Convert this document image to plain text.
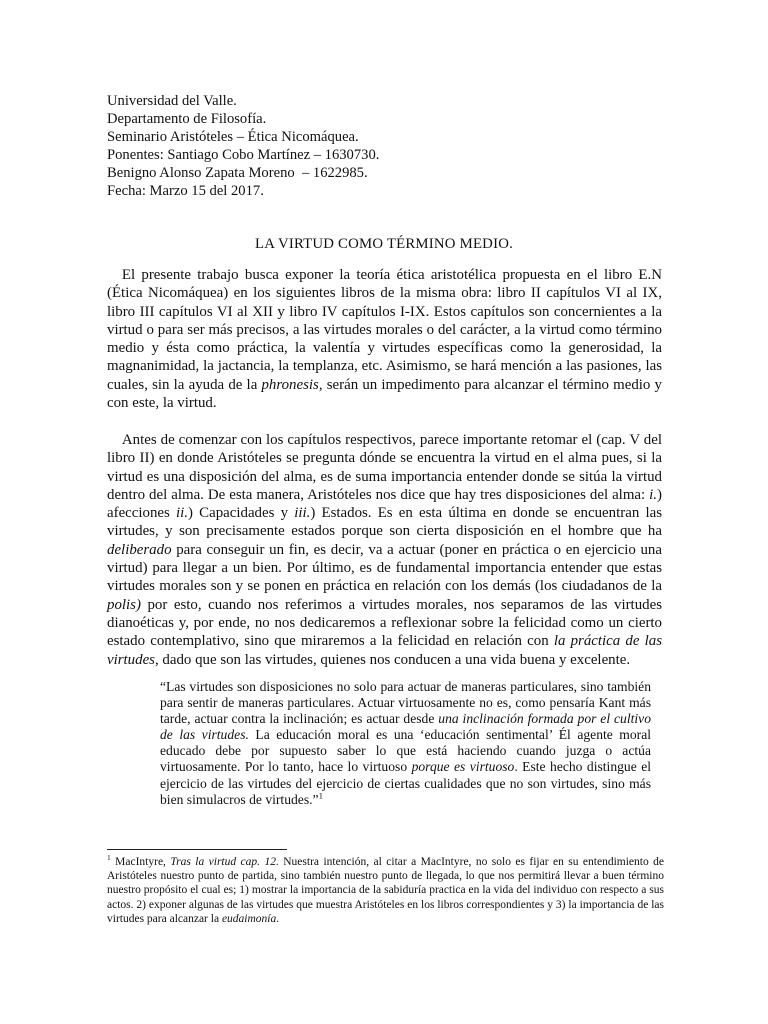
Universidad del Valle.
Departamento de Filosofía.
Seminario Aristóteles – Ética Nicomáquea.
Ponentes: Santiago Cobo Martínez – 1630730.
Benigno Alonso Zapata Moreno  – 1622985.
Fecha: Marzo 15 del 2017.
LA VIRTUD COMO TÉRMINO MEDIO.
 El presente trabajo busca exponer la teoría ética aristotélica propuesta en el libro E.N (Ética Nicomáquea) en los siguientes libros de la misma obra: libro II capítulos VI al IX, libro III capítulos VI al XII y libro IV capítulos I-IX. Estos capítulos son concernientes a la virtud o para ser más precisos, a las virtudes morales o del carácter, a la virtud como término medio y ésta como práctica, la valentía y virtudes específicas como la generosidad, la magnanimidad, la jactancia, la templanza, etc. Asimismo, se hará mención a las pasiones, las cuales, sin la ayuda de la phronesis, serán un impedimento para alcanzar el término medio y con este, la virtud.
 Antes de comenzar con los capítulos respectivos, parece importante retomar el (cap. V del libro II) en donde Aristóteles se pregunta dónde se encuentra la virtud en el alma pues, si la virtud es una disposición del alma, es de suma importancia entender donde se sitúa la virtud dentro del alma. De esta manera, Aristóteles nos dice que hay tres disposiciones del alma: i.) afecciones ii.) Capacidades y iii.) Estados. Es en esta última en donde se encuentran las virtudes, y son precisamente estados porque son cierta disposición en el hombre que ha deliberado para conseguir un fin, es decir, va a actuar (poner en práctica o en ejercicio una virtud) para llegar a un bien. Por último, es de fundamental importancia entender que estas virtudes morales son y se ponen en práctica en relación con los demás (los ciudadanos de la polis) por esto, cuando nos referimos a virtudes morales, nos separamos de las virtudes dianoéticas y, por ende, no nos dedicaremos a reflexionar sobre la felicidad como un cierto estado contemplativo, sino que miraremos a la felicidad en relación con la práctica de las virtudes, dado que son las virtudes, quienes nos conducen a una vida buena y excelente.
“Las virtudes son disposiciones no solo para actuar de maneras particulares, sino también para sentir de maneras particulares. Actuar virtuosamente no es, como pensaría Kant más tarde, actuar contra la inclinación; es actuar desde una inclinación formada por el cultivo de las virtudes. La educación moral es una ‘educación sentimental’ Él agente moral educado debe por supuesto saber lo que está haciendo cuando juzga o actúa virtuosamente. Por lo tanto, hace lo virtuoso porque es virtuoso. Este hecho distingue el ejercicio de las virtudes del ejercicio de ciertas cualidades que no son virtudes, sino más bien simulacros de virtudes.”$^1$
$^1$ MacIntyre, Tras la virtud cap. 12. Nuestra intención, al citar a MacIntyre, no solo es fijar en su entendimiento de Aristóteles nuestro punto de partida, sino también nuestro punto de llegada, lo que nos permitirá llevar a buen término nuestro propósito el cual es; 1) mostrar la importancia de la sabiduría practica en la vida del individuo con respecto a sus actos. 2) exponer algunas de las virtudes que muestra Aristóteles en los libros correspondientes y 3) la importancia de las virtudes para alcanzar la eudaimonía.
